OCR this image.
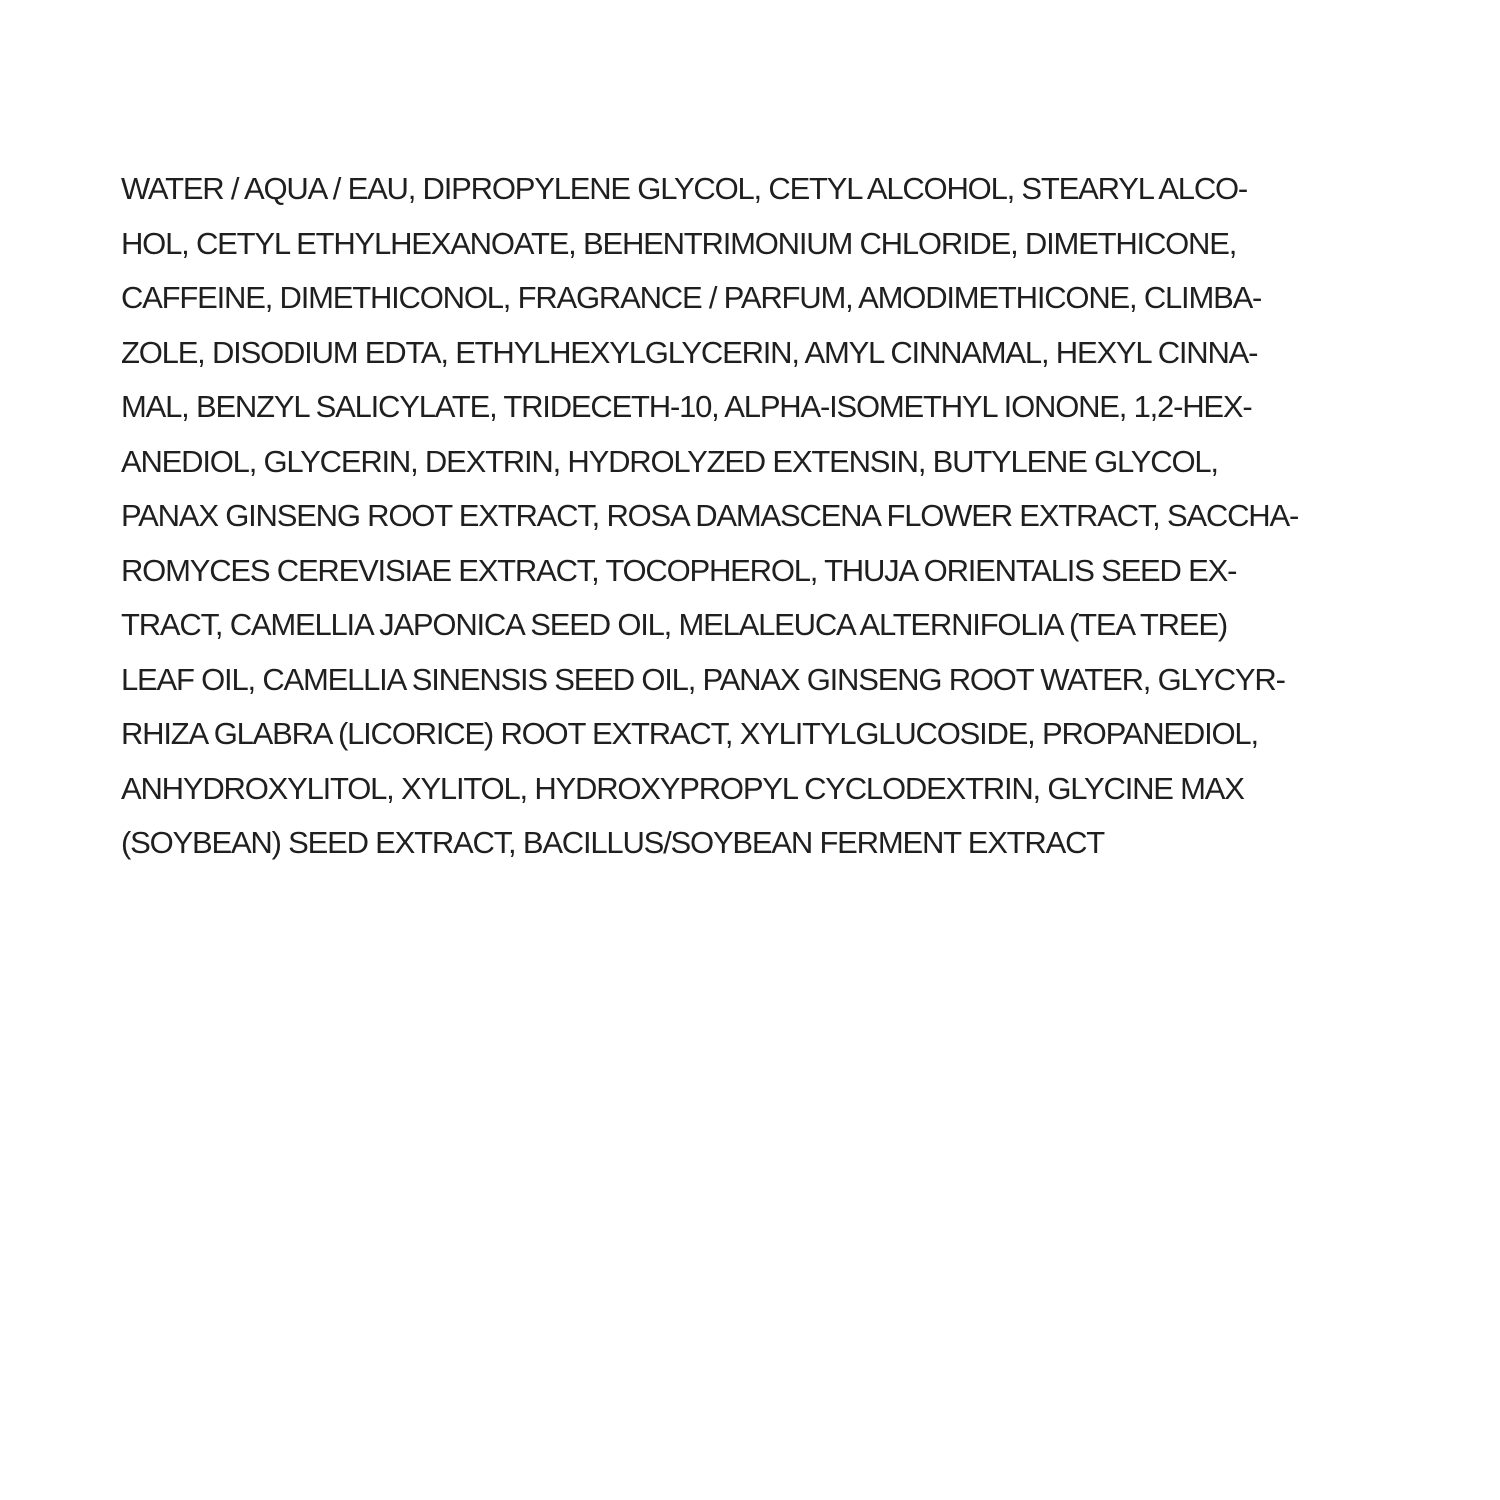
WATER / AQUA / EAU, DIPROPYLENE GLYCOL, CETYL ALCOHOL, STEARYL ALCO-
HOL, CETYL ETHYLHEXANOATE, BEHENTRIMONIUM CHLORIDE, DIMETHICONE,
CAFFEINE, DIMETHICONOL, FRAGRANCE / PARFUM, AMODIMETHICONE, CLIMBA-
ZOLE, DISODIUM EDTA, ETHYLHEXYLGLYCERIN, AMYL CINNAMAL, HEXYL CINNA-
MAL, BENZYL SALICYLATE, TRIDECETH-10, ALPHA-ISOMETHYL IONONE, 1,2-HEX-
ANEDIOL, GLYCERIN, DEXTRIN, HYDROLYZED EXTENSIN, BUTYLENE GLYCOL,
PANAX GINSENG ROOT EXTRACT, ROSA DAMASCENA FLOWER EXTRACT, SACCHA-
ROMYCES CEREVISIAE EXTRACT, TOCOPHEROL, THUJA ORIENTALIS SEED EX-
TRACT, CAMELLIA JAPONICA SEED OIL, MELALEUCA ALTERNIFOLIA (TEA TREE)
LEAF OIL, CAMELLIA SINENSIS SEED OIL, PANAX GINSENG ROOT WATER, GLYCYR-
RHIZA GLABRA (LICORICE) ROOT EXTRACT, XYLITYLGLUCOSIDE, PROPANEDIOL,
ANHYDROXYLITOL, XYLITOL, HYDROXYPROPYL CYCLODEXTRIN, GLYCINE MAX
(SOYBEAN) SEED EXTRACT, BACILLUS/SOYBEAN FERMENT EXTRACT
